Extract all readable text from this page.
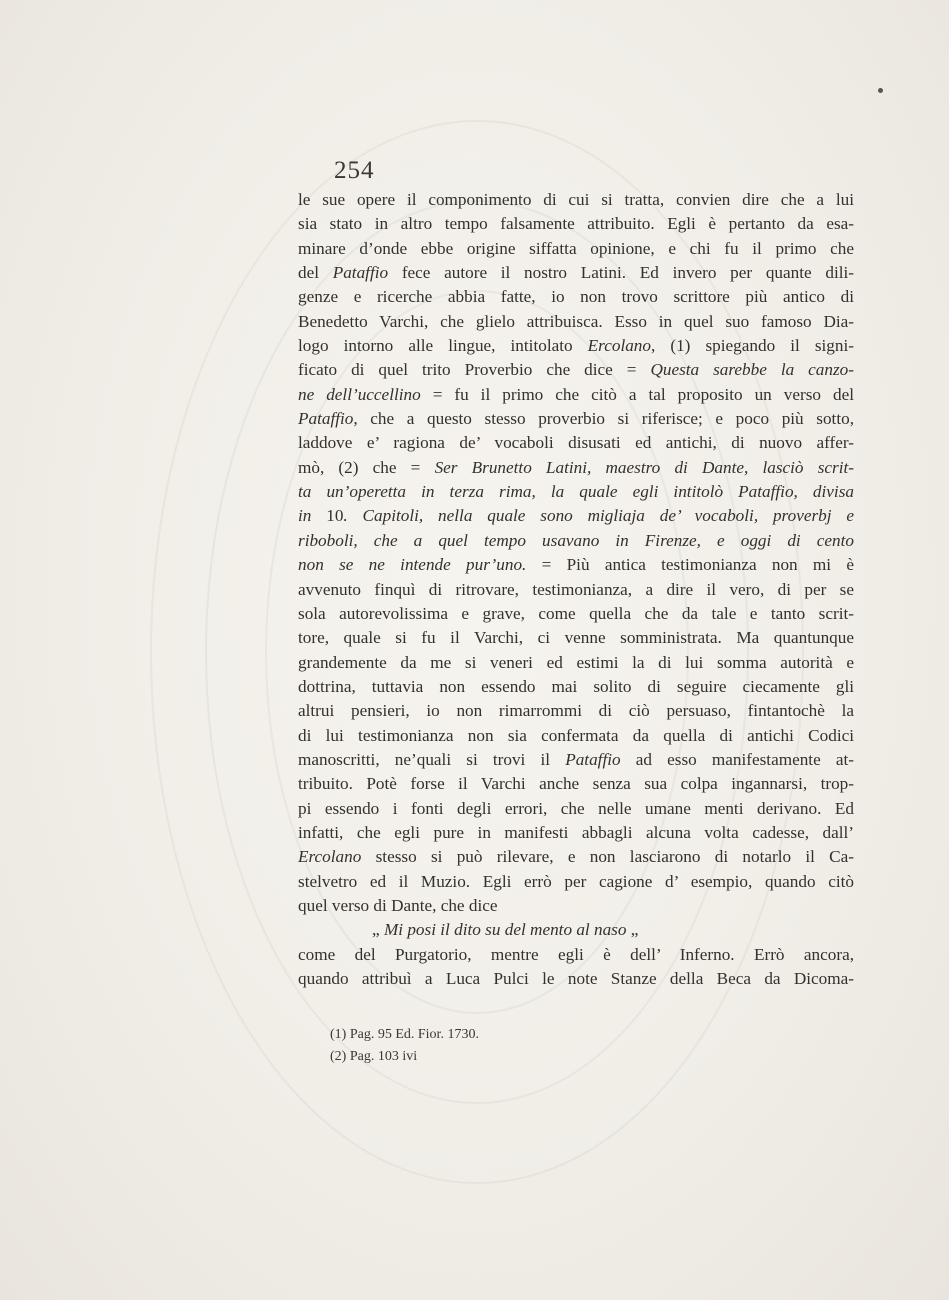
254
le sue opere il componimento di cui si tratta, convien dire che a lui
sia stato in altro tempo falsamente attribuito. Egli è pertanto da esa-
minare d’onde ebbe origine siffatta opinione, e chi fu il primo che
del Pataffio fece autore il nostro Latini. Ed invero per quante dili-
genze e ricerche abbia fatte, io non trovo scrittore più antico di
Benedetto Varchi, che glielo attribuisca. Esso in quel suo famoso Dia-
logo intorno alle lingue, intitolato Ercolano, (1) spiegando il signi-
ficato di quel trito Proverbio che dice = Questa sarebbe la canzo-
ne dell’uccellino = fu il primo che citò a tal proposito un verso del
Pataffio, che a questo stesso proverbio si riferisce; e poco più sotto,
laddove e’ ragiona de’ vocaboli disusati ed antichi, di nuovo affer-
mò, (2) che = Ser Brunetto Latini, maestro di Dante, lasciò scrit-
ta un’operetta in terza rima, la quale egli intitolò Pataffio, divisa
in 10. Capitoli, nella quale sono migliaja de’ vocaboli, proverbj e
riboboli, che a quel tempo usavano in Firenze, e oggi di cento
non se ne intende pur’uno. = Più antica testimonianza non mi è
avvenuto finquì di ritrovare, testimonianza, a dire il vero, di per se
sola autorevolissima e grave, come quella che da tale e tanto scrit-
tore, quale si fu il Varchi, ci venne somministrata. Ma quantunque
grandemente da me si veneri ed estimi la di lui somma autorità e
dottrina, tuttavia non essendo mai solito di seguire ciecamente gli
altrui pensieri, io non rimarrommi di ciò persuaso, fintantochè la
di lui testimonianza non sia confermata da quella di antichi Codici
manoscritti, ne’quali si trovi il Pataffio ad esso manifestamente at-
tribuito. Potè forse il Varchi anche senza sua colpa ingannarsi, trop-
pi essendo i fonti degli errori, che nelle umane menti derivano. Ed
infatti, che egli pure in manifesti abbagli alcuna volta cadesse, dall’
Ercolano stesso si può rilevare, e non lasciarono di notarlo il Ca-
stelvetro ed il Muzio. Egli errò per cagione d’ esempio, quando citò
quel verso di Dante, che dice
„ Mi posi il dito su del mento al naso „
come del Purgatorio, mentre egli è dell’ Inferno. Errò ancora,
quando attribuì a Luca Pulci le note Stanze della Beca da Dicoma-
(1) Pag. 95 Ed. Fior. 1730.
(2) Pag. 103 ivi
